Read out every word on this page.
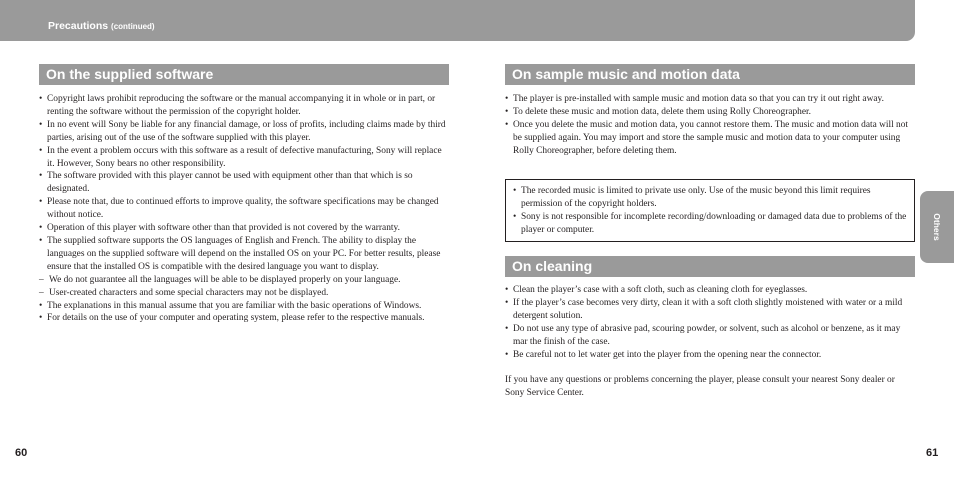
Precautions (continued)
On the supplied software
• Copyright laws prohibit reproducing the software or the manual accompanying it in whole or in part, or renting the software without the permission of the copyright holder.
• In no event will Sony be liable for any financial damage, or loss of profits, including claims made by third parties, arising out of the use of the software supplied with this player.
• In the event a problem occurs with this software as a result of defective manufacturing, Sony will replace it. However, Sony bears no other responsibility.
• The software provided with this player cannot be used with equipment other than that which is so designated.
• Please note that, due to continued efforts to improve quality, the software specifications may be changed without notice.
• Operation of this player with software other than that provided is not covered by the warranty.
• The supplied software supports the OS languages of English and French. The ability to display the languages on the supplied software will depend on the installed OS on your PC. For better results, please ensure that the installed OS is compatible with the desired language you want to display.
– We do not guarantee all the languages will be able to be displayed properly on your language.
– User-created characters and some special characters may not be displayed.
• The explanations in this manual assume that you are familiar with the basic operations of Windows.
• For details on the use of your computer and operating system, please refer to the respective manuals.
On sample music and motion data
• The player is pre-installed with sample music and motion data so that you can try it out right away.
• To delete these music and motion data, delete them using Rolly Choreographer.
• Once you delete the music and motion data, you cannot restore them. The music and motion data will not be supplied again. You may import and store the sample music and motion data to your computer using Rolly Choreographer, before deleting them.
• The recorded music is limited to private use only. Use of the music beyond this limit requires permission of the copyright holders.
• Sony is not responsible for incomplete recording/downloading or damaged data due to problems of the player or computer.
On cleaning
• Clean the player’s case with a soft cloth, such as cleaning cloth for eyeglasses.
• If the player’s case becomes very dirty, clean it with a soft cloth slightly moistened with water or a mild detergent solution.
• Do not use any type of abrasive pad, scouring powder, or solvent, such as alcohol or benzene, as it may mar the finish of the case.
• Be careful not to let water get into the player from the opening near the connector.

If you have any questions or problems concerning the player, please consult your nearest Sony dealer or Sony Service Center.

Others
60	61
